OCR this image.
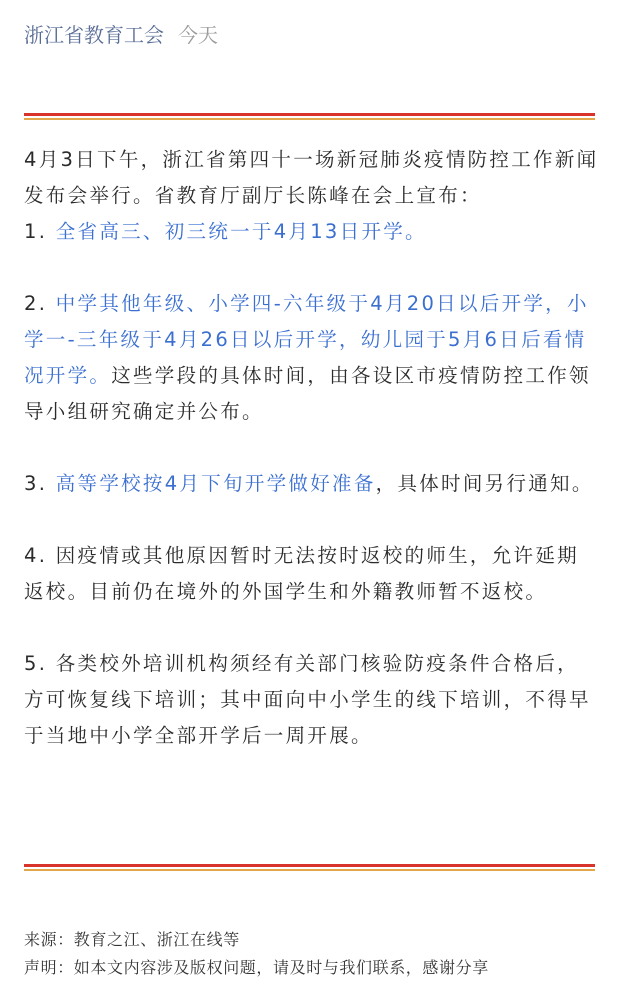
浙江省教育工会 今天

4月3日下午，浙江省第四十一场新冠肺炎疫情防控工作新闻发布会举行。省教育厅副厅长陈峰在会上宣布：

1. 全省高三、初三统一于4月13日开学。

2. 中学其他年级、小学四-六年级于4月20日以后开学，小学一-三年级于4月26日以后开学，幼儿园于5月6日后看情况开学。这些学段的具体时间，由各设区市疫情防控工作领导小组研究确定并公布。

3. 高等学校按4月下旬开学做好准备，具体时间另行通知。

4. 因疫情或其他原因暂时无法按时返校的师生，允许延期返校。目前仍在境外的外国学生和外籍教师暂不返校。

5. 各类校外培训机构须经有关部门核验防疫条件合格后，方可恢复线下培训；其中面向中小学生的线下培训，不得早于当地中小学全部开学后一周开展。

来源：教育之江、浙江在线等

声明：如本文内容涉及版权问题，请及时与我们联系，感谢分享
